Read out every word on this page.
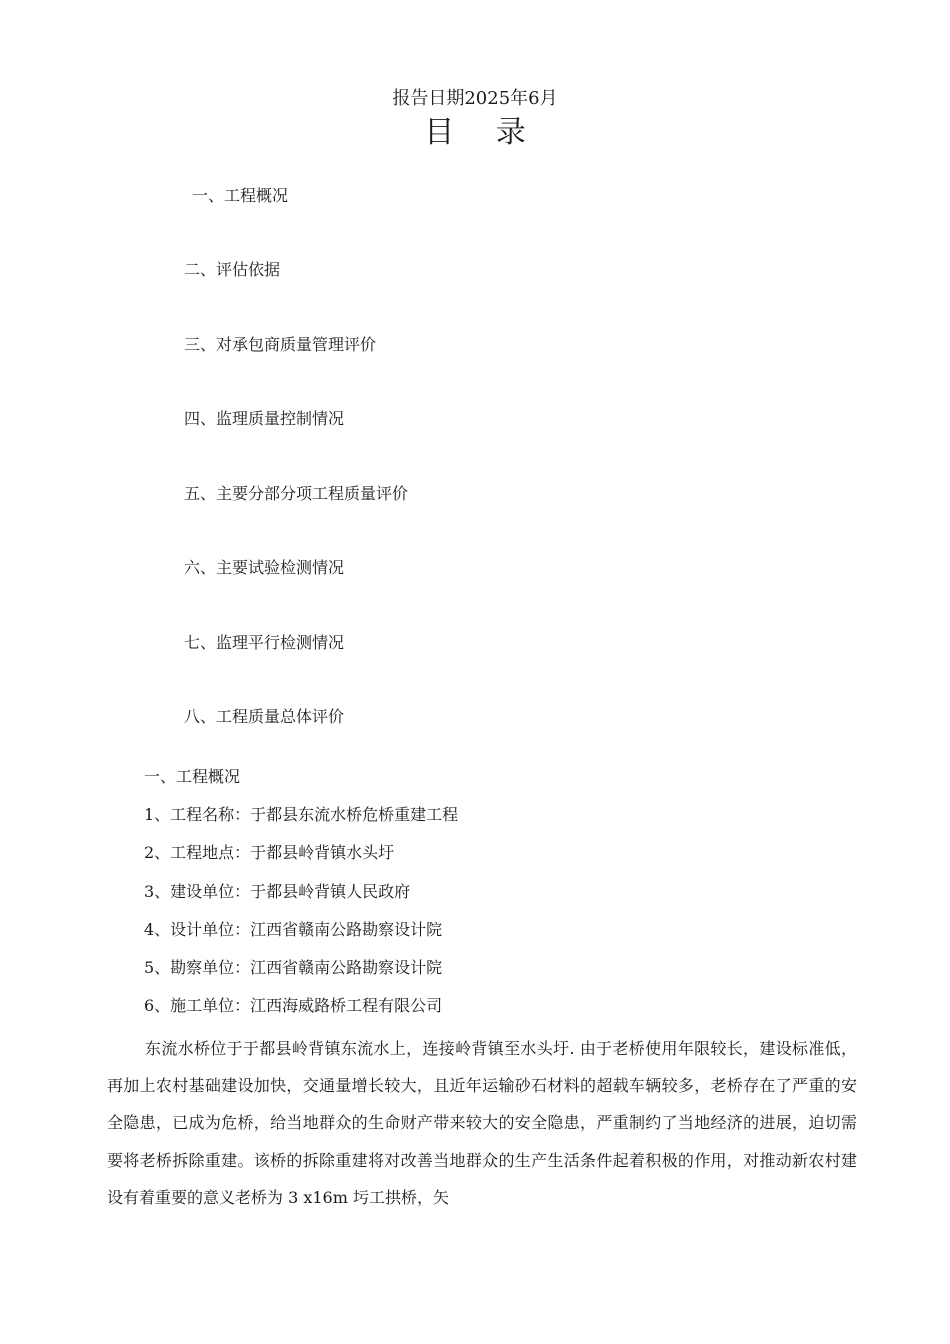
报告日期2025年6月
目 录
一、工程概况
二、评估依据
三、对承包商质量管理评价
四、监理质量控制情况
五、主要分部分项工程质量评价
六、主要试验检测情况
七、监理平行检测情况
八、工程质量总体评价
一、工程概况
1、工程名称：于都县东流水桥危桥重建工程
2、工程地点：于都县岭背镇水头圩
3、建设单位：于都县岭背镇人民政府
4、设计单位：江西省赣南公路勘察设计院
5、勘察单位：江西省赣南公路勘察设计院
6、施工单位：江西海威路桥工程有限公司

东流水桥位于于都县岭背镇东流水上，连接岭背镇至水头圩. 由于老桥使用年限较长，建设标准低，再加上农村基础建设加快，交通量增长较大，且近年运输砂石材料的超载车辆较多，老桥存在了严重的安全隐患，已成为危桥，给当地群众的生命财产带来较大的安全隐患，严重制约了当地经济的进展，迫切需要将老桥拆除重建。该桥的拆除重建将对改善当地群众的生产生活条件起着积极的作用，对推动新农村建设有着重要的意义老桥为 3 x16m 圬工拱桥，矢
